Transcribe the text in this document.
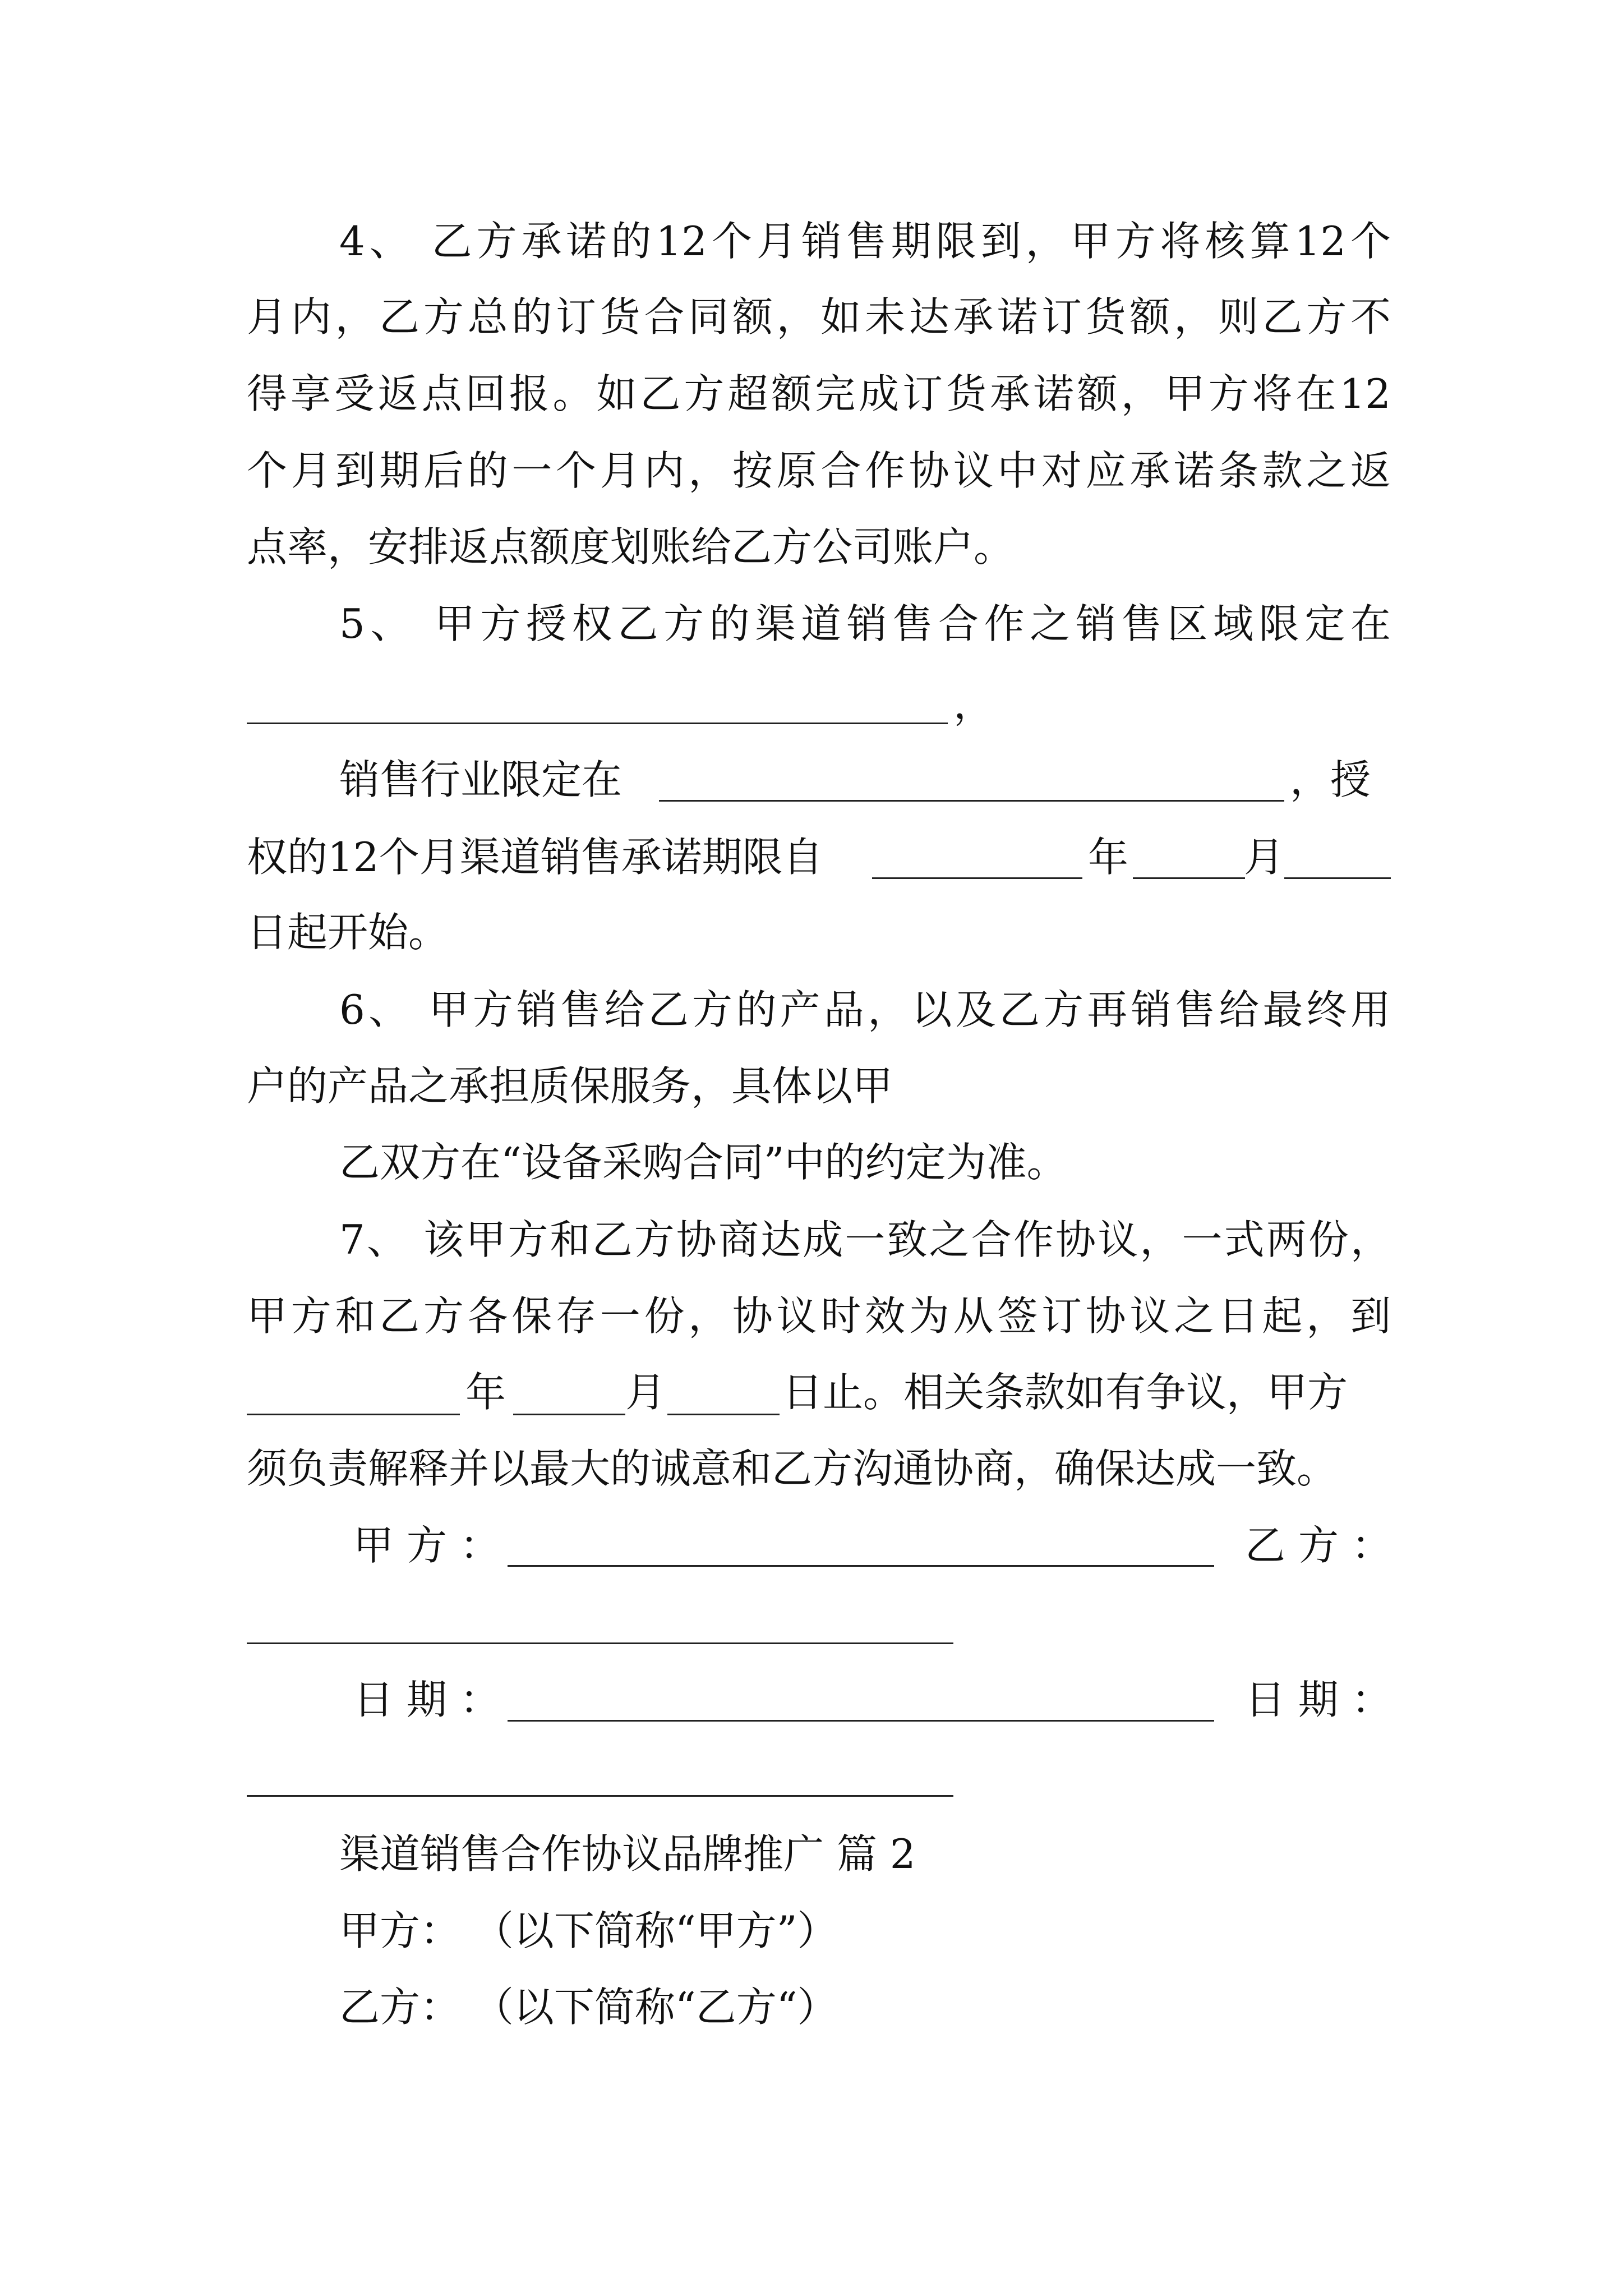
4、 乙方承诺的12个月销售期限到，甲方将核算12个
月内，乙方总的订货合同额，如未达承诺订货额，则乙方不
得享受返点回报。如乙方超额完成订货承诺额，甲方将在12
个月到期后的一个月内，按原合作协议中对应承诺条款之返
点率，安排返点额度划账给乙方公司账户。
5、 甲方授权乙方的渠道销售合作之销售区域限定在
，
销售行业限定在	，授
权的12个月渠道销售承诺期限自	年	月
日起开始。
6、 甲方销售给乙方的产品，以及乙方再销售给最终用
户的产品之承担质保服务，具体以甲
乙双方在“设备采购合同”中的约定为准。
7、 该甲方和乙方协商达成一致之合作协议，一式两份，
甲方和乙方各保存一份，协议时效为从签订协议之日起，到
年	月	日止。相关条款如有争议，甲方
须负责解释并以最大的诚意和乙方沟通协商，确保达成一致。
甲 方 ：	乙 方 ：
日 期 ：	日 期 ：
渠道销售合作协议品牌推广 篇 2
甲方： （以下简称“甲方”）
乙方： （以下简称“乙方“）
